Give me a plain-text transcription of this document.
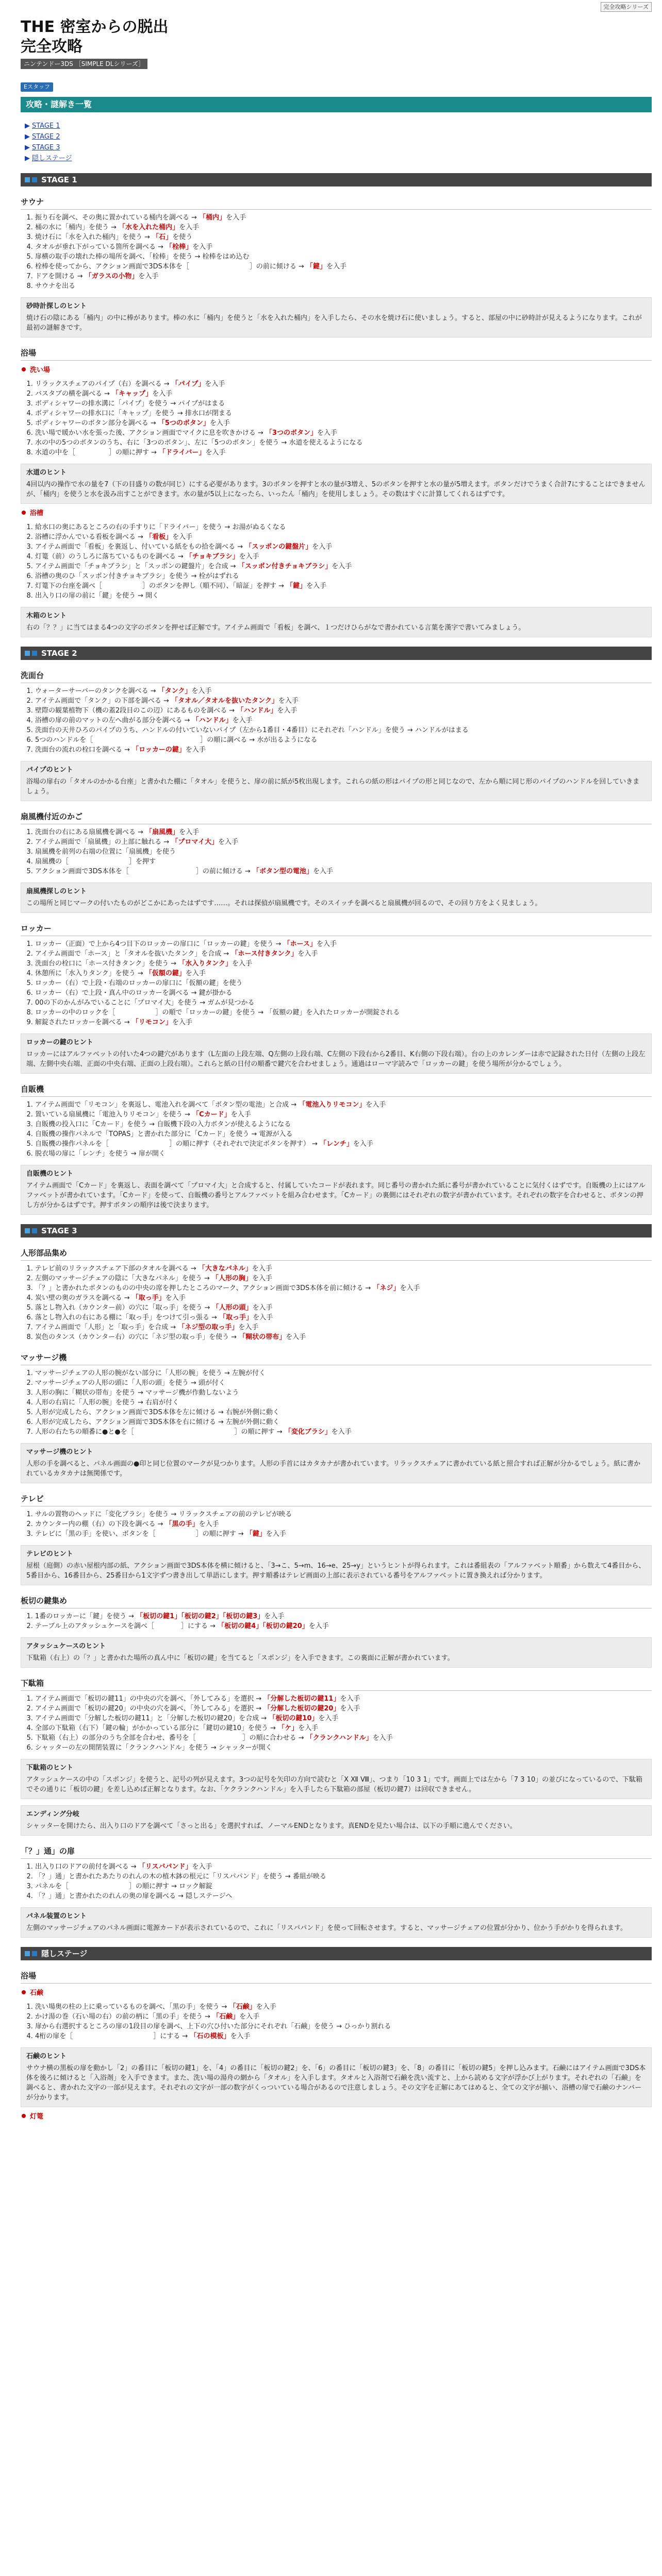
完全攻略シリーズ
THE 密室からの脱出
完全攻略
ニンテンドー3DS ［SIMPLE DLシリーズ］
Eスタッフ
攻略・謎解き一覧
▶ STAGE 1
▶ STAGE 2
▶ STAGE 3
▶ 隠しステージ
STAGE 1
サウナ
1. 振り石を調べ、その奥に置かれている桶内を調べる → 「桶内」を入手
2. 桶の水に「桶内」を使う → 「水を入れた桶内」を入手
3. 焼け石に「水を入れた桶内」を使う → 「石」を使う
4. タオルが垂れ下がっている箇所を調べる → 「栓棒」を入手
5. 扉横の取手の壊れた棒の場所を調べ、「栓棒」を使う → 栓棒をはめ込む
6. 栓棒を使ってから、アクション画面で3DS本体を［　　　　　　　　　］の前に傾ける → 「鍵」を入手
7. ドアを開ける → 「ガラスの小物」を入手
8. サウナを出る
砂時計探しのヒント

焼け石の陰にある「桶内」の中に棒があります。棒の水に「桶内」を使うと「水を入れた桶内」を入手したら、その水を焼け石に使いましょう。すると、部屋の中に砂時計が見えるようになります。これが最初の謎解きです。

浴場
洗い場
1. リラックスチェアのパイプ（右）を調べる → 「パイプ」を入手
2. バスタブの横を調べる → 「キャップ」を入手
3. ボディシャワーの排水溝に「パイプ」を使う → パイプがはまる
4. ボディシャワーの排水口に「キャップ」を使う → 排水口が閉まる
5. ボディシャワーのボタン部分を調べる → 「5つのボタン」を入手
6. 洗い場で暖かい水を張った後、アクション画面でマイクに息を吹きかける → 「3つのボタン」を入手
7. 水の中の5つのボタンのうち、右に「3つのボタン」、左に「5つのボタン」を使う → 水道を使えるようになる
8. 水道の中を［　　　　　］の順に押す → 「ドライバー」を入手
水道のヒント

4回以内の操作で水の量を7（下の目盛りの数が同じ）にする必要があります。3のボタンを押すと水の量が3増え、5のボタンを押すと水の量が5増えます。ボタンだけでうまく合計7にすることはできませんが、「桶内」を使うと水を汲み出すことができます。水の量が5以上になったら、いったん「桶内」を使用しましょう。その数はすぐに計算してくれるはずです。

浴槽
1. 給水口の奥にあるところの右の手すりに「ドライバー」を使う → お湯がぬるくなる
2. 浴槽に浮かんでいる看板を調べる → 「看板」を入手
3. アイテム画面で「看板」を裏返し、付いている紙をもの拾を調べる → 「スッポンの鍵盤片」を入手
4. 灯篭（前）のうしろに落ちているものを調べる → 「チョキブラシ」を入手
5. アイテム画面で「チョキブラシ」と「スッポンの鍵盤片」を合成 → 「スッポン付きチョキブラシ」を入手
6. 浴槽の奥のひ「スッポン付きチョキブラシ」を使う → 栓がはずれる
7. 灯篭下の台座を調べ［　　　　　　］のボタンを押し（順不同）、「暗証」を押す → 「鍵」を入手
8. 出入り口の扉の前に「鍵」を使う → 開く
木箱のヒント

右の「？？」に当てはまる4つの文字のボタンを押せば正解です。アイテム画面で「看板」を調べ、１つだけひらがなで書かれている言葉を漢字で書いてみましょう。

STAGE 2
洗面台
1. ウォーターサーバーのタンクを調べる → 「タンク」を入手
2. アイテム画面で「タンク」の下部を調べる → 「タオル／タオルを抜いたタンク」を入手
3. 壁際の観葉植物下（機の蓋2段目のこの辺）にあるものを調べる → 「ハンドル」を入手
4. 浴槽の扉の前のマットの左へ曲がる部分を調べる → 「ハンドル」を入手
5. 洗面台の天井ひろのパイプのうち、ハンドルの付いていないパイプ（左から1番目・4番目）にそれぞれ「ハンドル」を使う → ハンドルがはまる
6. 5つのハンドルを［　　　　　　　　　　　　　　　　］の順に調べる → 水が出るようになる
7. 洗面台の流れの栓口を調べる → 「ロッカーの鍵」を入手
パイプのヒント

浴場の扉右の「タオルのかかる台座」と書かれた棚に「タオル」を使うと、扉の前に紙が5枚出現します。これらの紙の形はパイプの形と同じなので、左から順に同じ形のパイプのハンドルを回していきましょう。

扇風機付近のかご
1. 洗面台の右にある扇風機を調べる → 「扇風機」を入手
2. アイテム画面で「扇風機」の上部に触れる → 「プロマイ大」を入手
3. 扇風機を前列の右端の位置に「扇風機」を使う
4. 扇風機の［　　　　　　　　　］を押す
5. アクション画面で3DS本体を［　　　　　　　　　　］の前に傾ける → 「ボタン型の電池」を入手
扇風機探しのヒント

この場所と同じマークの付いたものがどこかにあったはずです……。それは探偵が扇風機です。そのスイッチを調べると扇風機が回るので、その回り方をよく見ましょう。

ロッカー
1. ロッカー（正面）で上から4つ目下のロッカーの扉口に「ロッカーの鍵」を使う → 「ホース」を入手
2. アイテム画面で「ホース」と「タオルを抜いたタンク」を合成 → 「ホース付きタンク」を入手
3. 洗面台の栓口に「ホース付きタンク」を使う → 「水入りタンク」を入手
4. 休憩所に「水入りタンク」を使う → 「仮額の鍵」を入手
5. ロッカー（右）で上段・右端のロッカーの扉口に「仮額の鍵」を使う
6. ロッカー（右）で上段・真ん中のロッカーを調べる → 鍵が掛かる
7. 00の下のかんがみでいることに「プロマイ大」を使う → ガムが見つかる
8. ロッカーの中のロックを［　　　　　　］の順で「ロッカーの鍵」を使う → 「仮額の鍵」を入れたロッカーが開錠される
9. 解錠されたロッカーを調べる → 「リモコン」を入手
ロッカーの鍵のヒント

ロッカーにはアルファベットの付いた4つの鍵穴があります（L左面の上段左端、Q左側の上段右端、C左側の下段右から2番目、K右側の下段右端）。台の上のカレンダーは赤で記録された日付（左側の上段左端、左側中央右端、正面の中央右端、正面の上段右端）。これらと紙の日付の順番で鍵穴を合わせましょう。通過はローマ字読みで「ロッカーの鍵」を使う場所が分かるでしょう。

自販機
1. アイテム画面で「リモコン」を裏返し、電池入れを調べて「ボタン型の電池」と合成 → 「電池入りリモコン」を入手
2. 置いている扇風機に「電池入りリモコン」を使う → 「Cカード」を入手
3. 自販機の投入口に「Cカード」を使う → 自販機下段の入力ボタンが使えるようになる
4. 自販機の操作パネルで「TOPAS」と書かれた部分に「Cカード」を使う → 電源が入る
5. 自販機の操作パネルを［　　　　　　　　　］の順に押す（それぞれで決定ボタンを押す） → 「レンチ」を入手
6. 脱衣場の扉に「レンチ」を使う → 扉が開く
自販機のヒント

アイテム画面で「Cカード」を裏返し、表面を調べて「プロマイ大」と合成すると、付属していたコードが表れます。同じ番号の書かれた紙に番号が書かれていることに気付くはずです。自販機の上にはアルファベットが書かれています。「Cカード」を使って、自販機の番号とアルファベットを組み合わせます。「Cカード」の裏側にはそれぞれの数字が書かれています。それぞれの数字を合わせると、ボタンの押し方が分かるはずです。押すボタンの順序は後で決まります。

STAGE 3
人形部品集め
1. テレビ前のリラックスチェア下部のタオルを調べる → 「大きなパネル」を入手
2. 左側のマッサージチェアの陰に「大きなパネル」を使う → 「人形の胸」を入手
3. 「？」と書かれたボタンのものの中央の席を押したところのマーク、アクション画面で3DS本体を前に傾ける → 「ネジ」を入手
4. 炭い壁の奥のガラスを調べる → 「取っ手」を入手
5. 落とし物入れ（カウンター前）の穴に「取っ手」を使う → 「人形の頭」を入手
6. 落とし物入れの右にある棚に「取っ手」をつけて引っ張る → 「取っ手」を入手
7. アイテム画面で「人形」と「取っ手」を合成 → 「ネジ型の取っ手」を入手
8. 炭色のタンス（カウンター右）の穴に「ネジ型の取っ手」を使う → 「糊状の帯布」を入手
マッサージ機
1. マッサージチェアの人形の腕がない部分に「人形の腕」を使う → 左腕が付く
2. マッサージチェアの人形の頭に「人形の頭」を使う → 頭が付く
3. 人形の胸に「糊状の帯布」を使う → マッサージ機が作動しないよう
4. 人形の右肩に「人形の腕」を使う → 右肩が付く
5. 人形が完成したら、アクション画面で3DS本体を左に傾ける → 右腕が外側に動く
6. 人形が完成したら、アクション画面で3DS本体を右に傾ける → 左腕が外側に動く
7. 人形の右たちの順番に●と●を［　　　　　　　　　　　　　　　］の順に押す → 「変化ブラシ」を入手
マッサージ機のヒント

人形の手を調べると、パネル画面の●印と同じ位置のマークが見つかります。人形の手首にはカタカナが書かれています。リラックスチェアに書かれている紙と照合すれば正解が分かるでしょう。紙に書かれているカタカナは無関係です。

テレビ
1. サルの置物のヘッドに「変化ブラシ」を使う → リラックスチェアの前のテレビが映る
2. カウンター内の棚（右）の下段を調べる → 「黒の手」を入手
3. テレビに「黒の手」を使い、ボタンを［　　　　　　］の順に押す → 「鍵」を入手
テレビのヒント

屋根（庭側）の赤い屋根内部の紙、アクション画面で3DS本体を横に傾けると、「3→こ、5→m、16→e、25→y」というヒントが得られます。これは番組表の「アルファベット順番」から数えて4番目から、5番目から、16番目から、25番目から1文字ずつ書き出して単語にします。押す順番はテレビ画面の上部に表示されている番号をアルファベットに置き換えれば分かります。

板切の鍵集め
1. 1番のロッカーに「鍵」を使う → 「板切の鍵1」「板切の鍵2」「板切の鍵3」を入手
2. テーブル上のアタッシュケースを調べ［　　　　］にする → 「板切の鍵4」「板切の鍵20」を入手
アタッシュケースのヒント

下駄箱（右上）の「？」と書かれた場所の真ん中に「板切の鍵」を当てると「スポンジ」を入手できます。この裏面に正解が書かれています。

下駄箱
1. アイテム画面で「板切の鍵11」の中央の穴を調べ、「外してみる」を選択 → 「分解した板切の鍵11」を入手
2. アイテム画面で「板切の鍵20」の中央の穴を調べ、「外してみる」を選択 → 「分解した板切の鍵20」を入手
3. アイテム画面で「分解した板切の鍵11」と「分解した板切の鍵20」を合成 → 「板切の鍵10」を入手
4. 全部の下駄箱（右下）「鍵の輪」がかかっている部分に「鍵切の鍵10」を使う → 「ケ」を入手
5. 下駄箱（右上）の部分のうち全部を合わせ、番号を［　　　　　　　］の順に合わせる → 「クランクハンドル」を入手
6. シャッターの左の開閉装置に「クランクハンドル」を使う → シャッターが開く
下駄箱のヒント

アタッシュケースの中の「スポンジ」を使うと、記号の列が見えます。3つの記号を矢印の方向で読むと「Ⅹ Ⅻ Ⅷ」、つまり「10 3 1」です。画面上では左から「7 3 10」の並びになっているので、下駄箱でその通りに「板切の鍵」を差し込めば正解となります。なお、「ケクランクハンドル」を入手したら下駄箱の部屋（板切の鍵7）は回収できません。

エンディング分岐

シャッターを開けたら、出入り口のドアを調べて「さっと出る」を選択すれば、ノーマルENDとなります。真ENDを見たい場合は、以下の手順に進んでください。

「？」通」の扉
1. 出入り口のドアの前付を調べる → 「リスバパンド」を入手
2. 「？」通」と書かれたあたりのれんの木の植木鉢の根元に「リスパパンド」を使う → 番組が映る
3. パネルを［　　　　　　　　　］の順に押す → ロック解錠
4. 「？」通」と書かれたのれんの奥の扉を調べる → 隠しステージへ
パネル装置のヒント

左側のマッサージチェアのパネル画面に電源カードが表示されているので、これに「リスパパンド」を使って回転させます。すると、マッサージチェアの位置が分かり、位かう手がかりを得られます。

隠しステージ
浴場
石鹸
1. 洗い場奥の柱の上に乗っているものを調べ、「黒の手」を使う → 「石鹸」を入手
2. かけ湯の巻（石い場の右）の前の柄に「黒の手」を使う → 「石鹸」を入手
3. 扉から右選択するところの扉の1段目の扉を調べ、上下の穴ひ付いた部分にそれぞれ「石鹸」を使う → ひっかり割れる
4. 4桁の扉を［　　　　　　　　　　　　］にする → 「石の模板」を入手
石鹸のヒント

サウナ横の黒板の扉を動かし「2」の番目に「板切の鍵1」を、「4」の番目に「板切の鍵2」を、「6」の番目に「板切の鍵3」を、「8」の番目に「板切の鍵5」を押し込みます。石鹸にはアイテム画面で3DS本体を後ろに傾けると「入浴剤」を入手できます。また、洗い場の湯舟の網から「タオル」を入手します。タオルと入浴剤で石鹸を洗い流すと、上から読める文字が浮かび上がります。それぞれの「石鹸」を調べると、書かれた文字の一部が見えます。それぞれの文字が一部の数字がくっついている場合があるので注意しましょう。その文字を正解にあてはめると、全ての文字が揃い、浴槽の扉で石鹸のナンバーが分かります。

灯篭
